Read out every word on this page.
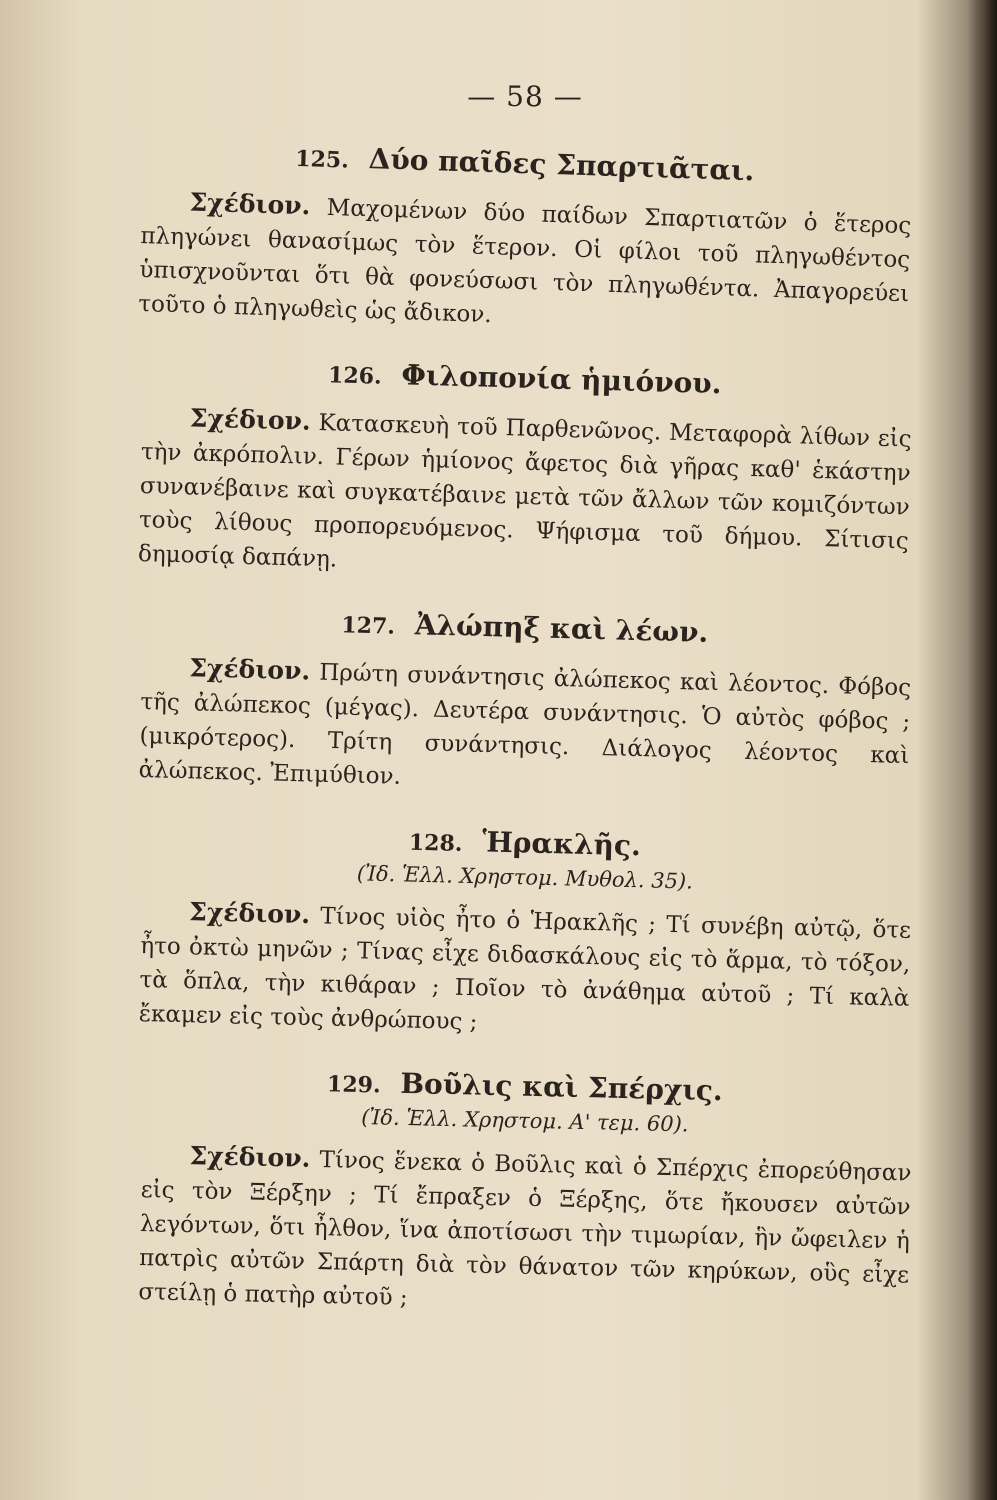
— 58 —
125. Δύο παῖδες Σπαρτιᾶται.

Σχέδιον. Μαχομένων δύο παίδων Σπαρτιατῶν ὁ ἕτερος πληγώνει θανασίμως τὸν ἕτερον. Οἱ φίλοι τοῦ πληγωθέντος ὑπισχνοῦνται ὅτι θὰ φονεύσωσι τὸν πληγωθέντα. Ἀπαγορεύει τοῦτο ὁ πληγωθεὶς ὡς ἄδικον.

126. Φιλοπονία ἡμιόνου.

Σχέδιον. Κατασκευὴ τοῦ Παρθενῶνος. Μεταφορὰ λίθων εἰς τὴν ἀκρόπολιν. Γέρων ἡμίονος ἄφετος διὰ γῆρας καθ' ἑκάστην συνανέβαινε καὶ συγκατέβαινε μετὰ τῶν ἄλλων τῶν κομιζόντων τοὺς λίθους προπορευόμενος. Ψήφισμα τοῦ δήμου. Σίτισις δημοσίᾳ δαπάνῃ.

127. Ἀλώπηξ καὶ λέων.

Σχέδιον. Πρώτη συνάντησις ἀλώπεκος καὶ λέοντος. Φόβος τῆς ἀλώπεκος (μέγας). Δευτέρα συνάντησις. Ὁ αὐτὸς φόβος ; (μικρότερος). Τρίτη συνάντησις. Διάλογος λέοντος καὶ ἀλώπεκος. Ἐπιμύθιον.

128. Ἡρακλῆς.
(Ἰδ. Ἑλλ. Χρηστομ. Μυθολ. 35).

Σχέδιον. Τίνος υἱὸς ἦτο ὁ Ἡρακλῆς ; Τί συνέβη αὐτῷ, ὅτε ἦτο ὀκτὼ μηνῶν ; Τίνας εἶχε διδασκάλους εἰς τὸ ἅρμα, τὸ τόξον, τὰ ὅπλα, τὴν κιθάραν ; Ποῖον τὸ ἀνάθημα αὐτοῦ ; Τί καλὰ ἔκαμεν εἰς τοὺς ἀνθρώπους ;

129. Βοῦλις καὶ Σπέρχις.
(Ἰδ. Ἑλλ. Χρηστομ. Α' τεμ. 60).

Σχέδιον. Τίνος ἕνεκα ὁ Βοῦλις καὶ ὁ Σπέρχις ἐπορεύθησαν εἰς τὸν Ξέρξην ; Τί ἔπραξεν ὁ Ξέρξης, ὅτε ἤκουσεν αὐτῶν λεγόντων, ὅτι ἦλθον, ἵνα ἀποτίσωσι τὴν τιμωρίαν, ἣν ὤφειλεν ἡ πατρὶς αὐτῶν Σπάρτη διὰ τὸν θάνατον τῶν κηρύκων, οὓς εἶχε στείλῃ ὁ πατὴρ αὐτοῦ ;
